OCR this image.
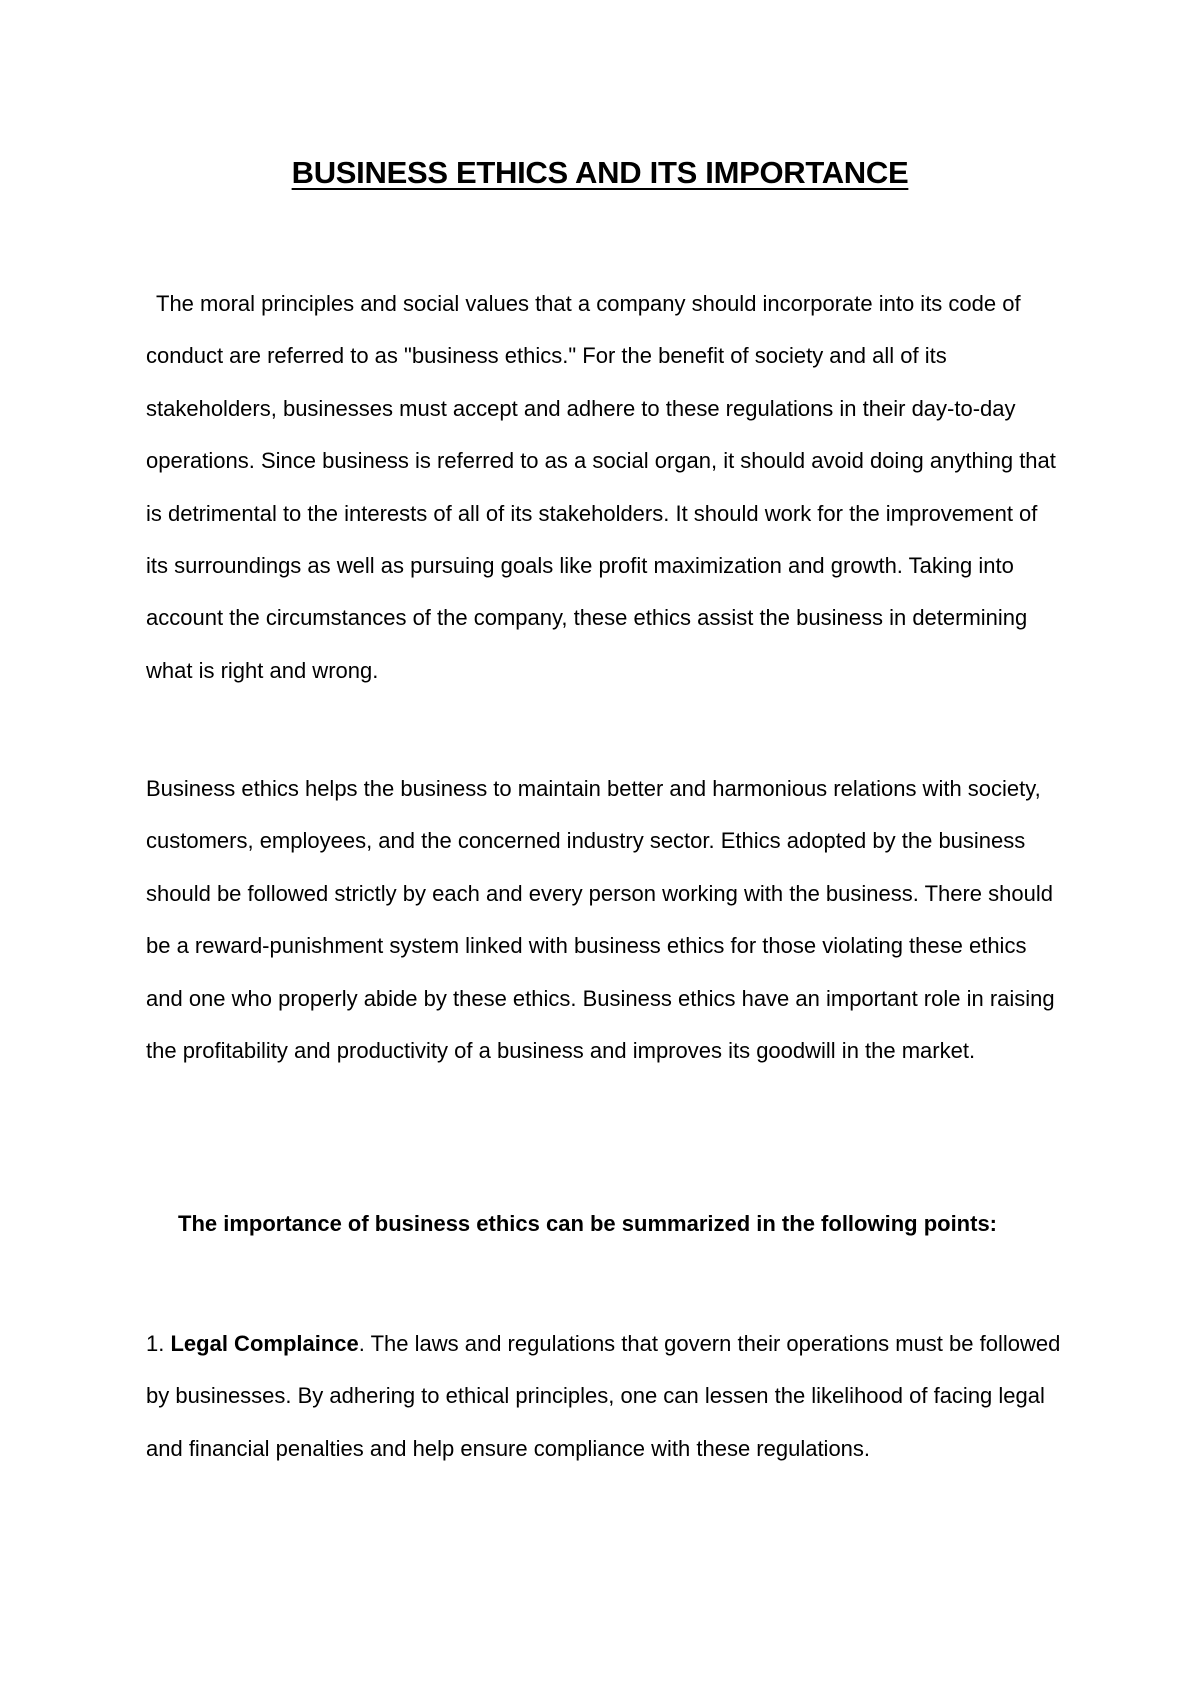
BUSINESS ETHICS AND ITS IMPORTANCE

The moral principles and social values that a company should incorporate into its code of conduct are referred to as "business ethics." For the benefit of society and all of its stakeholders, businesses must accept and adhere to these regulations in their day-to-day operations. Since business is referred to as a social organ, it should avoid doing anything that is detrimental to the interests of all of its stakeholders. It should work for the improvement of its surroundings as well as pursuing goals like profit maximization and growth. Taking into account the circumstances of the company, these ethics assist the business in determining what is right and wrong.

Business ethics helps the business to maintain better and harmonious relations with society, customers, employees, and the concerned industry sector. Ethics adopted by the business should be followed strictly by each and every person working with the business. There should be a reward-punishment system linked with business ethics for those violating these ethics and one who properly abide by these ethics. Business ethics have an important role in raising the profitability and productivity of a business and improves its goodwill in the market.

The importance of business ethics can be summarized in the following points:

1. Legal Complaince. The laws and regulations that govern their operations must be followed by businesses. By adhering to ethical principles, one can lessen the likelihood of facing legal and financial penalties and help ensure compliance with these regulations.
